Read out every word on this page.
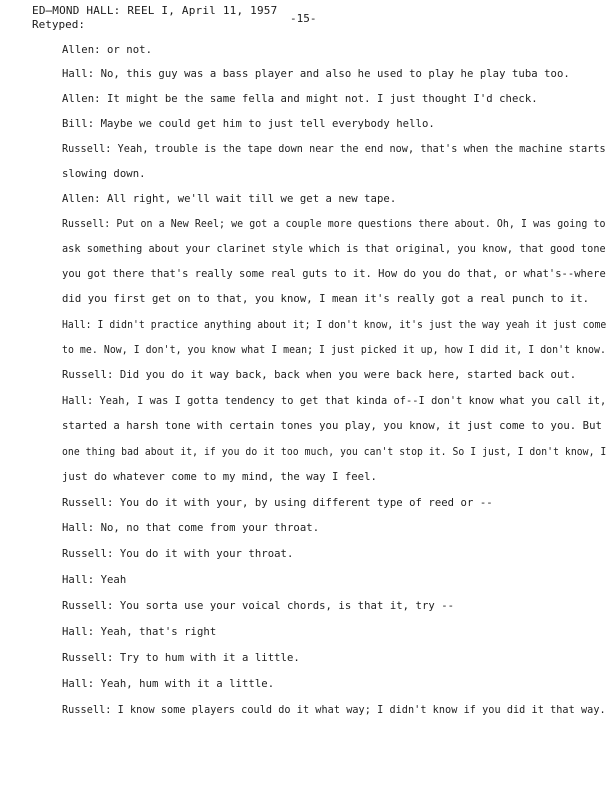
ED̶MOND HALL: REEL I, April 11, 1957
Retyped:	-15-
Allen: or not.
Hall: No, this guy was a bass player and also he used to play he play tuba too.
Allen: It might be the same fella and might not. I just thought I'd check.
Bill: Maybe we could get him to just tell everybody hello.
Russell: Yeah, trouble is the tape down near the end now, that's when the machine starts
slowing down.
Allen: All right, we'll wait till we get a new tape.
Russell: Put on a New Reel; we got a couple more questions there about. Oh, I was going to
ask something about your clarinet style which is that original, you know, that good tone
you got there that's really some real guts to it. How do you do that, or what's--where
did you first get on to that, you know, I mean it's really got a real punch to it.
Hall: I didn't practice anything about it; I don't know, it's just the way yeah it just come
to me. Now, I don't, you know what I mean; I just picked it up, how I did it, I don't know.
Russell: Did you do it way back, back when you were back here, started back out.
Hall: Yeah, I was I gotta tendency to get that kinda of--I don't know what you call it,
started a harsh tone with certain tones you play, you know, it just come to you. But
one thing bad about it, if you do it too much, you can't stop it. So I just, I don't know, I
just do whatever come to my mind, the way I feel.
Russell: You do it with your, by using different type of reed or --
Hall: No, no that come from your throat.
Russell: You do it with your throat.
Hall: Yeah
Russell: You sorta use your voical chords, is that it, try --
Hall: Yeah, that's right
Russell: Try to hum with it a little.
Hall: Yeah, hum with it a little.
Russell: I know some players could do it what way; I didn't know if you did it that way.
